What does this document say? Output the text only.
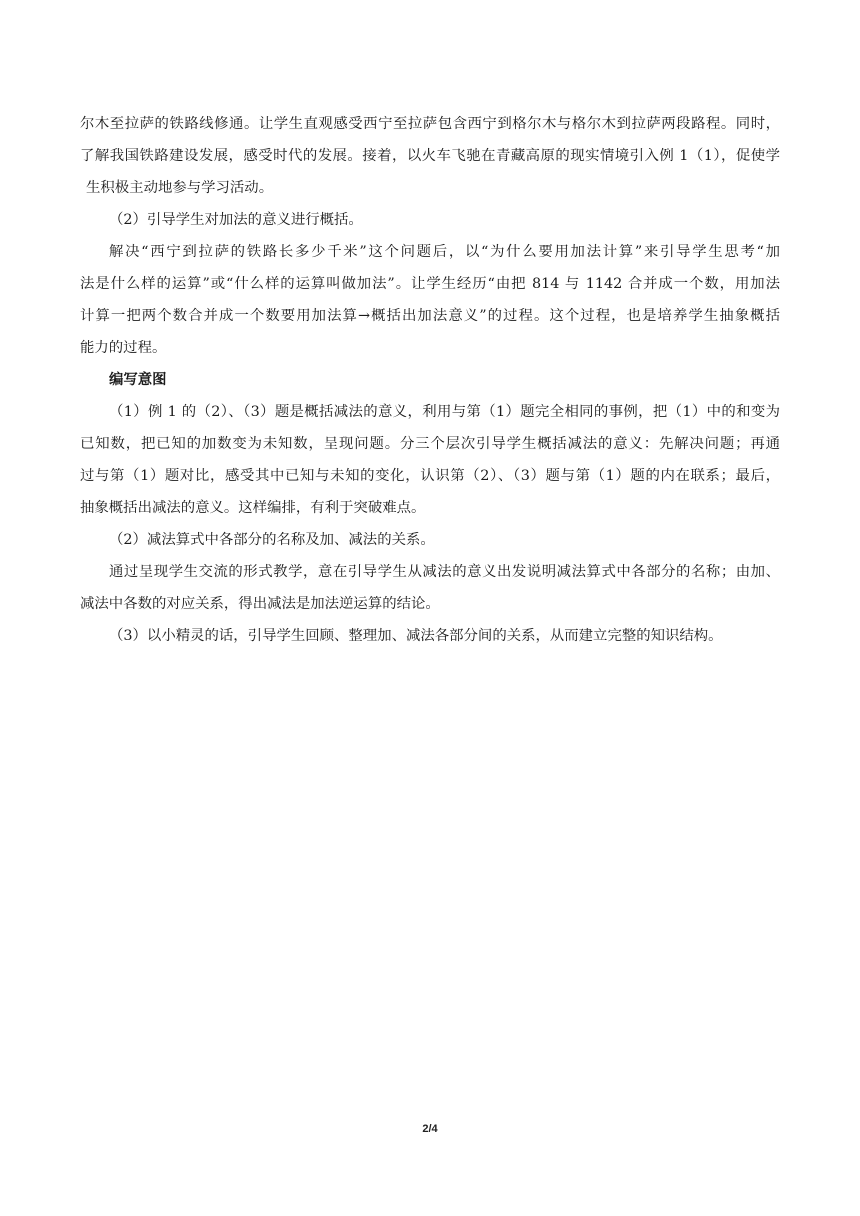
尔木至拉萨的铁路线修通。让学生直观感受西宁至拉萨包含西宁到格尔木与格尔木到拉萨两段路程。同时，
了解我国铁路建设发展，感受时代的发展。接着，以火车飞驰在青藏高原的现实情境引入例 1（1），促使学
生积极主动地参与学习活动。
（2）引导学生对加法的意义进行概括。
解决“西宁到拉萨的铁路长多少千米”这个问题后，以“为什么要用加法计算”来引导学生思考“加
法是什么样的运算”或“什么样的运算叫做加法”。让学生经历“由把 814 与 1142 合并成一个数，用加法
计算一把两个数合并成一个数要用加法算→概括出加法意义”的过程。这个过程，也是培养学生抽象概括
能力的过程。
编写意图
（1）例 1 的（2）、（3）题是概括减法的意义，利用与第（1）题完全相同的事例，把（1）中的和变为
已知数，把已知的加数变为未知数，呈现问题。分三个层次引导学生概括减法的意义：先解决问题；再通
过与第（1）题对比，感受其中已知与未知的变化，认识第（2）、（3）题与第（1）题的内在联系；最后，
抽象概括出减法的意义。这样编排，有利于突破难点。
（2）减法算式中各部分的名称及加、减法的关系。
通过呈现学生交流的形式教学，意在引导学生从减法的意义出发说明减法算式中各部分的名称；由加、
减法中各数的对应关系，得出减法是加法逆运算的结论。
（3）以小精灵的话，引导学生回顾、整理加、减法各部分间的关系，从而建立完整的知识结构。
2/4
